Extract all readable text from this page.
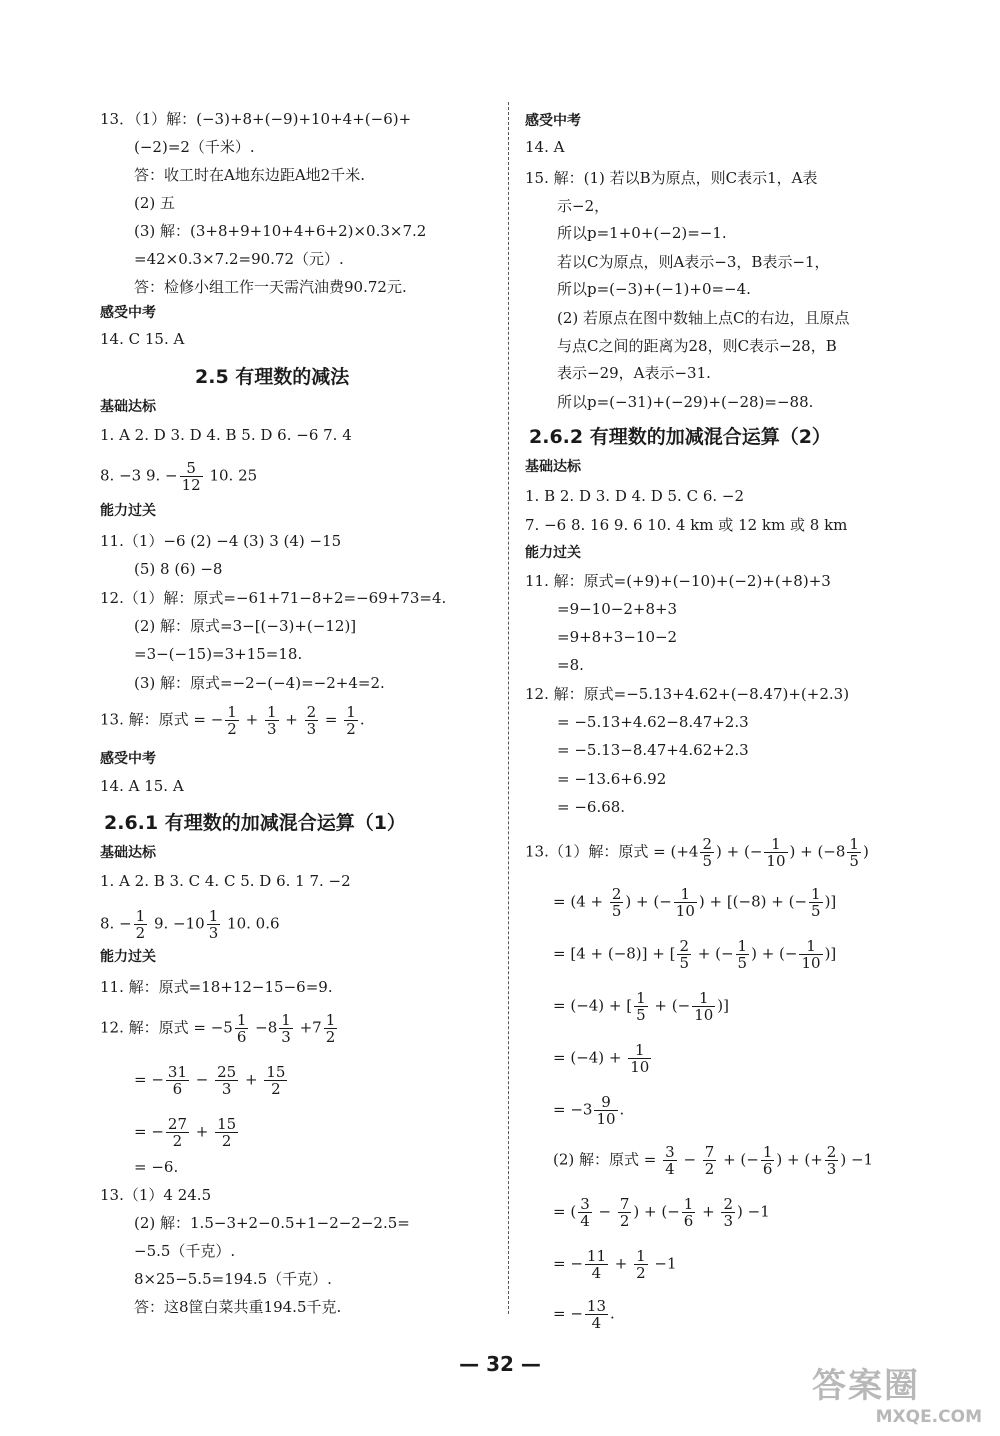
13．（1）解：(−3)+8+(−9)+10+4+(−6)+
(−2)=2（千米）.
答：收工时在A地东边距A地2千米.
(2) 五
(3) 解：(3+8+9+10+4+6+2)×0.3×7.2
=42×0.3×7.2=90.72（元）.
答：检修小组工作一天需汽油费90.72元.
感受中考
14. C 15. A
2.5 有理数的减法
基础达标
1. A 2. D 3. D 4. B 5. D 6. −6 7. 4
8. −3 9. − $\frac{5}{12} 10$. 25
能力过关
11.（1）−6 (2) −4 (3) 3 (4) −15
(5) 8 (6) −8
12.（1）解：原式=−61+71−8+2=−69+73=4.
(2) 解：原式=3−[(−3)+(−12)]
=3−(−15)=3+15=18.
(3) 解：原式=−2−(−4)=−2+4=2.
13. 解：原式 = − $\frac{1}{2} + \frac{1}{3} + \frac{2}{3} = \frac{1}{2}$ .
感受中考
14. A 15. A
2.6.1 有理数的加减混合运算（1）
基础达标
1. A 2. B 3. C 4. C 5. D 6. 1 7. −2
8. − $\frac{1}{2} 9$. $-10 \frac{1}{3} 10$. 0.6
能力过关
11. 解：原式=18+12−15−6=9.
12. 解：原式 = $-5 \frac{1}{6} -8 \frac{1}{3} +7 \frac{1}{2}$
= − $\frac{31}{6} - \frac{25}{3} + \frac{15}{2}$
= − $\frac{27}{2} + \frac{15}{2}$
= −6.
13.（1）4 24.5
(2) 解：1.5−3+2−0.5+1−2−2−2.5=
−5.5（千克）.
8×25−5.5=194.5（千克）.
答：这8筐白菜共重194.5千克.
感受中考
14. A
15. 解：(1) 若以B为原点，则C表示1，A表
示−2，
所以p=1+0+(−2)=−1.
若以C为原点，则A表示−3，B表示−1，
所以p=(−3)+(−1)+0=−4.
(2) 若原点在图中数轴上点C的右边，且原点
与点C之间的距离为28，则C表示−28，B
表示−29，A表示−31.
所以p=(−31)+(−29)+(−28)=−88.
2.6.2 有理数的加减混合运算（2）
基础达标
1. B 2. D 3. D 4. D 5. C 6. −2
7. −6 8. 16 9. 6 10. 4 km 或 12 km 或 8 km
能力过关
11. 解：原式=(+9)+(−10)+(−2)+(+8)+3
=9−10−2+8+3
=9+8+3−10−2
=8.
12. 解：原式=−5.13+4.62+(−8.47)+(+2.3)
= −5.13+4.62−8.47+2.3
= −5.13−8.47+4.62+2.3
= −13.6+6.92
= −6.68.
13.（1）解：原式 = ($+4 \frac{2}{5}$ ) + (− $\frac{1}{10}$ ) + ($-8 \frac{1}{5}$ )
= ($4 + \frac{2}{5}$ ) + (− $\frac{1}{10}$ ) + [(−8) + (− $\frac{1}{5}$ )]
= [4 + (−8)] + [ $\frac{2}{5}$ + (− $\frac{1}{5}$ ) + (− $\frac{1}{10}$ )]
= (−4) + [ $\frac{1}{5}$ + (− $\frac{1}{10}$ )]
= $(-4) + \frac{1}{10}$
= $-3 \frac{9}{10}$ .
(2) 解：原式 = $\frac{3}{4} - \frac{7}{2}$ + (− $\frac{1}{6}$ ) + (+ $\frac{2}{3}$ ) −1
= ( $\frac{3}{4} - \frac{7}{2}$ ) + (− $\frac{1}{6} + \frac{2}{3}$ ) −1
= − $\frac{11}{4} + \frac{1}{2} -1$
= − $\frac{13}{4}$ .
— 32 —
答案圈
MXQE.COM
